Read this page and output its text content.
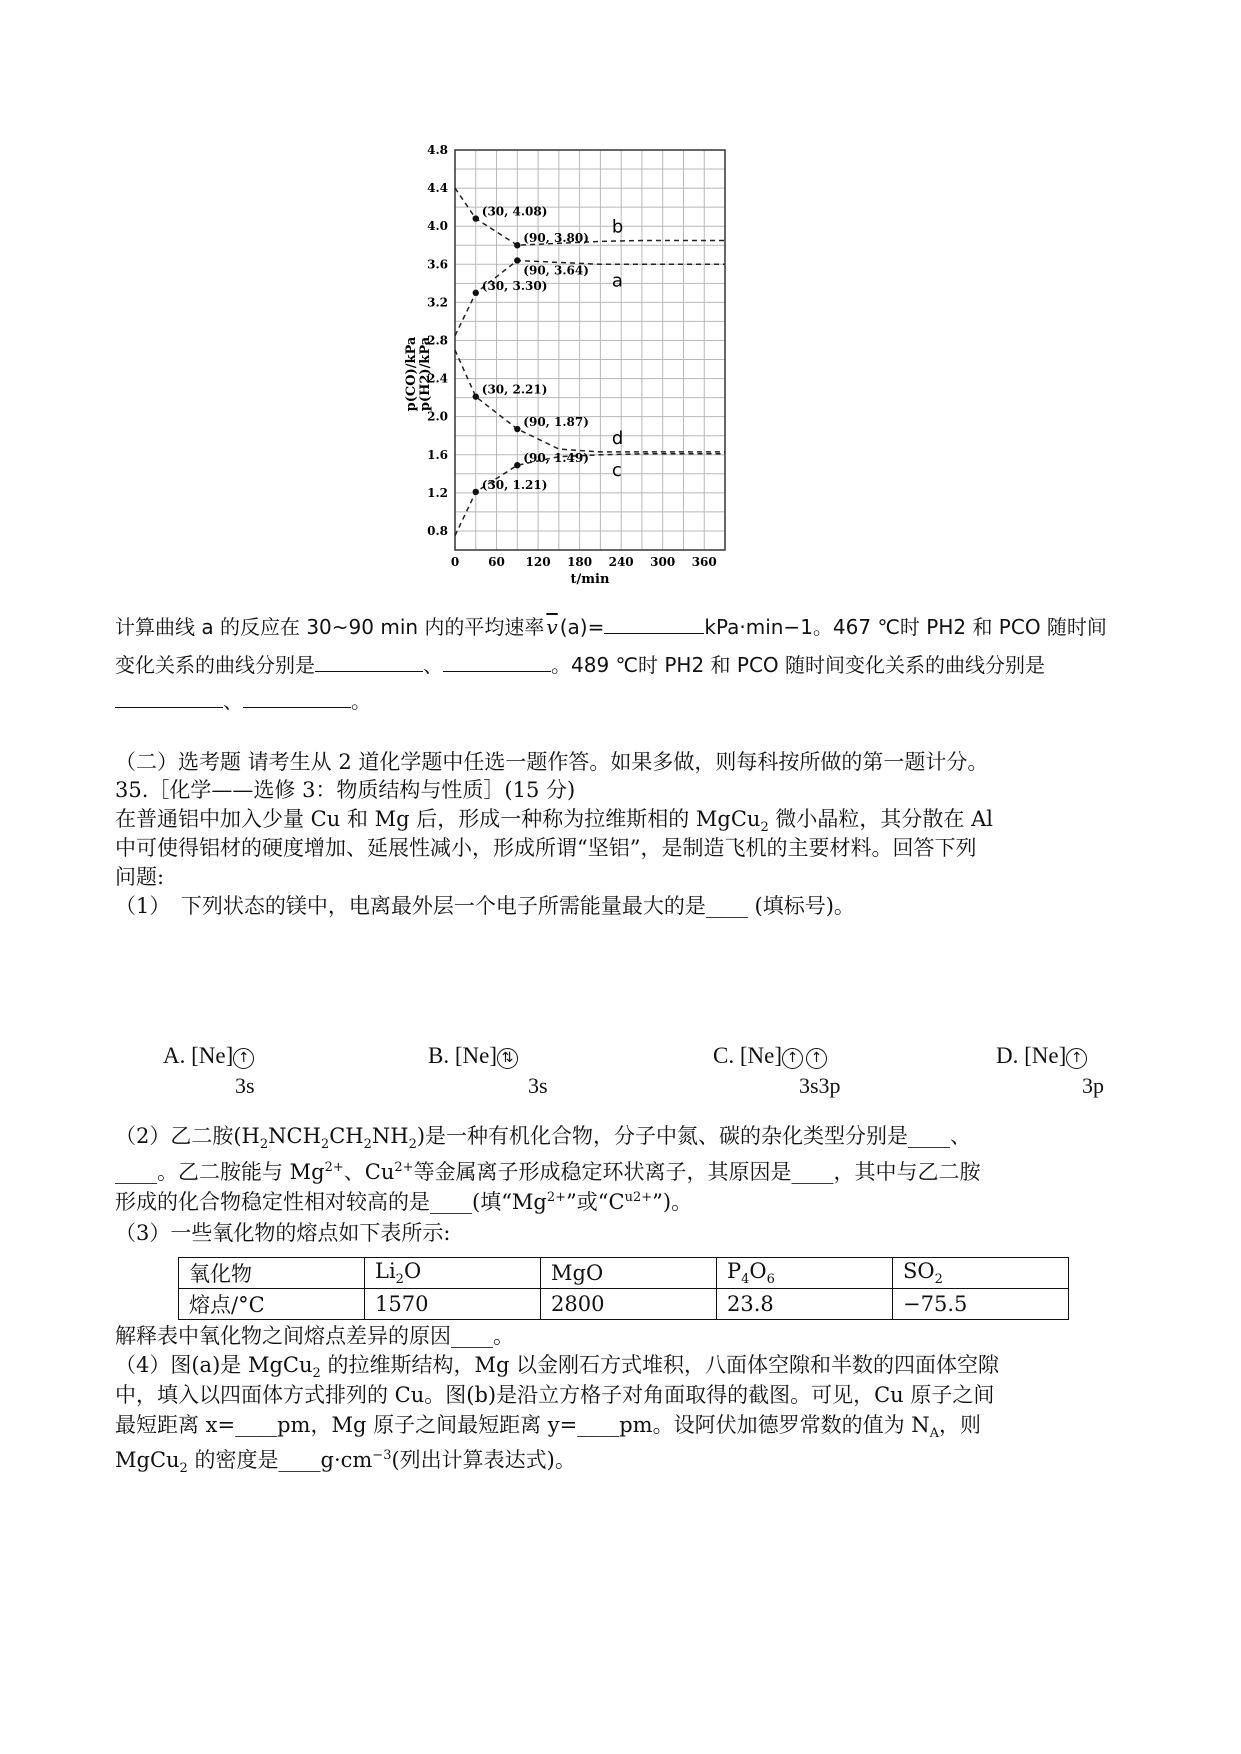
0.8
1.2
1.6
2.0
2.4
2.8
3.2
3.6
4.0
4.4
4.8
0 60 120 180 240 300 360
t/min
p(CO)/kPa p(H2)/kPa
b
a
d
c
(30, 4.08)
(90, 3.80)
(90, 3.64)
(30, 3.30)
(30, 2.21)
(90, 1.87)
(90, 1.49)
(30, 1.21)
计算曲线 a 的反应在 30~90 min 内的平均速率 $\overline{v}$ (a)=	kPa·min−1。467 ℃时 PH2 和 PCO 随时间
变化关系的曲线分别是	、	。489 ℃时 PH2 和 PCO 随时间变化关系的曲线分别是
、	。
（二）选考题 请考生从 2 道化学题中任选一题作答。如果多做，则每科按所做的第一题计分。
35.［化学——选修 3：物质结构与性质］(15 分)
在普通铝中加入少量 Cu 和 Mg 后，形成一种称为拉维斯相的 MgCu$_2$ 微小晶粒，其分散在 Al
中可使得铝材的硬度增加、延展性减小，形成所谓“坚铝”，是制造飞机的主要材料。回答下列
问题:
（1）　下列状态的镁中，电离最外层一个电子所需能量最大的是____ (填标号)。
A. [Ne] ↑
3s
B. [Ne] ⇅
3s
C. [Ne] ↑ ↑
3s3p
D. [Ne] ↑
3p
（2）乙二胺$(H_2NCH_2CH_2NH_2)$是一种有机化合物，分子中氮、碳的杂化类型分别是____、
____。乙二胺能与 $Mg^{2+}$、$Cu^{2+}$等金属离子形成稳定环状离子，其原因是____，其中与乙二胺
形成的化合物稳定性相对较高的是____(填“$Mg^{2+}$”或“$C^{u2+}$”)。
（3）一些氧化物的熔点如下表所示:
氧化物	$Li_2O$	MgO	$P_4O_6$	$SO_2$
熔点/°C	1570	2800	23.8	−75.5
解释表中氧化物之间熔点差异的原因____。
（4）图(a)是 MgCu$_2$ 的拉维斯结构，Mg 以金刚石方式堆积，八面体空隙和半数的四面体空隙
中，填入以四面体方式排列的 Cu。图(b)是沿立方格子对角面取得的截图。可见，Cu 原子之间
最短距离 x=____pm，Mg 原子之间最短距离 y=____pm。设阿伏加德罗常数的值为 $N_A$，则
MgCu$_2$ 的密度是$\_\_\_\_g\cdot cm^{-3}$(列出计算表达式)。
